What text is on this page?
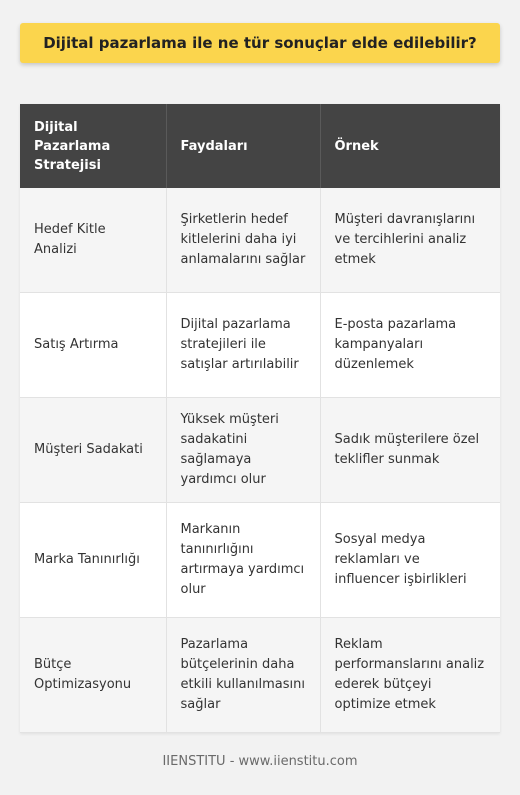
Dijital pazarlama ile ne tür sonuçlar elde edilebilir?
Dijital Pazarlama Stratejisi	Faydaları	Örnek
Hedef Kitle Analizi	Şirketlerin hedef kitlelerini daha iyi anlamalarını sağlar	Müşteri davranışlarını ve tercihlerini analiz etmek
Satış Artırma	Dijital pazarlama stratejileri ile satışlar artırılabilir	E-posta pazarlama kampanyaları düzenlemek
Müşteri Sadakati	Yüksek müşteri sadakatini sağlamaya yardımcı olur	Sadık müşterilere özel teklifler sunmak
Marka Tanınırlığı	Markanın tanınırlığını artırmaya yardımcı olur	Sosyal medya reklamları ve influencer işbirlikleri
Bütçe Optimizasyonu	Pazarlama bütçelerinin daha etkili kullanılmasını sağlar	Reklam performanslarını analiz ederek bütçeyi optimize etmek
IIENSTITU - www.iienstitu.com
